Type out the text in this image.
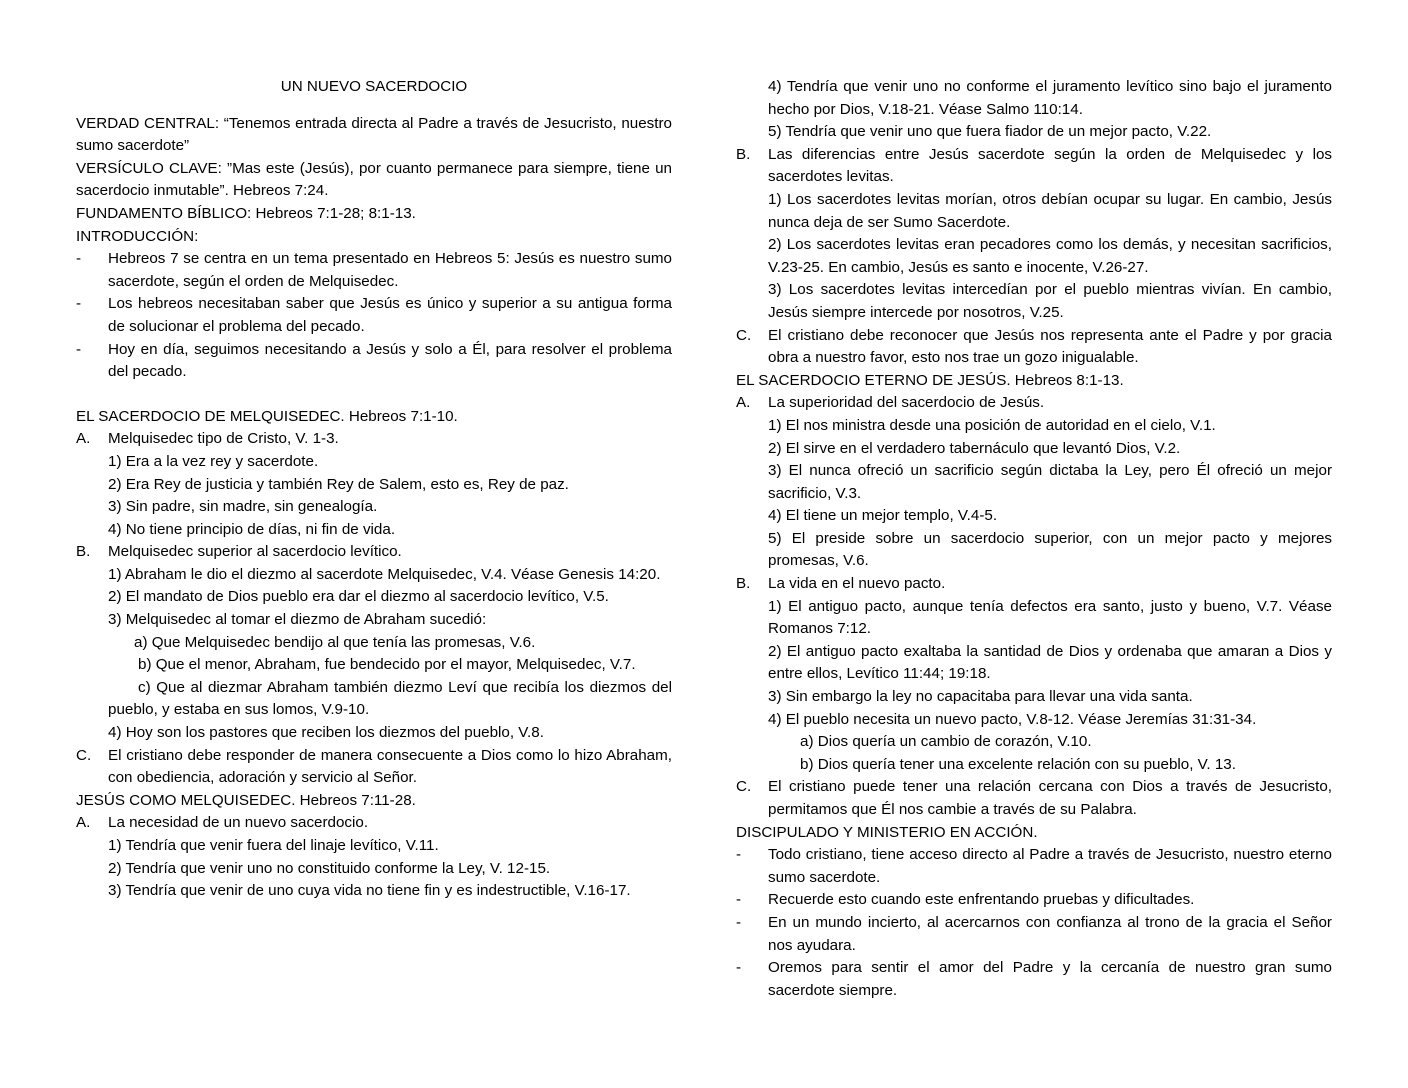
UN NUEVO SACERDOCIO

VERDAD CENTRAL: “Tenemos entrada directa al Padre a través de Jesucristo, nuestro sumo sacerdote”

VERSÍCULO CLAVE: ”Mas este (Jesús), por cuanto permanece para siempre, tiene un sacerdocio inmutable”. Hebreos 7:24.

FUNDAMENTO BÍBLICO: Hebreos 7:1-28; 8:1-13.

INTRODUCCIÓN:

- Hebreos 7 se centra en un tema presentado en Hebreos 5: Jesús es nuestro sumo sacerdote, según el orden de Melquisedec.
- Los hebreos necesitaban saber que Jesús es único y superior a su antigua forma de solucionar el problema del pecado.
- Hoy en día, seguimos necesitando a Jesús y solo a Él, para resolver el problema del pecado.

EL SACERDOCIO DE MELQUISEDEC. Hebreos 7:1-10.

A. Melquisedec tipo de Cristo, V. 1-3.

1) Era a la vez rey y sacerdote.

2) Era Rey de justicia y también Rey de Salem, esto es, Rey de paz.

3) Sin padre, sin madre, sin genealogía.

4) No tiene principio de días, ni fin de vida.

B. Melquisedec superior al sacerdocio levítico.

1) Abraham le dio el diezmo al sacerdote Melquisedec, V.4. Véase Genesis 14:20.

2) El mandato de Dios pueblo era dar el diezmo al sacerdocio levítico, V.5.

3) Melquisedec al tomar el diezmo de Abraham sucedió:

a) Que Melquisedec bendijo al que tenía las promesas, V.6.

b) Que el menor, Abraham, fue bendecido por el mayor, Melquisedec, V.7.

c) Que al diezmar Abraham también diezmo Leví que recibía los diezmos del pueblo, y estaba en sus lomos, V.9-10.

4) Hoy son los pastores que reciben los diezmos del pueblo, V.8.

C. El cristiano debe responder de manera consecuente a Dios como lo hizo Abraham, con obediencia, adoración y servicio al Señor.

JESÚS COMO MELQUISEDEC. Hebreos 7:11-28.

A. La necesidad de un nuevo sacerdocio.

1) Tendría que venir fuera del linaje levítico, V.11.

2) Tendría que venir uno no constituido conforme la Ley, V. 12-15.

3) Tendría que venir de uno cuya vida no tiene fin y es indestructible, V.16-17.

4) Tendría que venir uno no conforme el juramento levítico sino bajo el juramento hecho por Dios, V.18-21. Véase Salmo 110:14.

5) Tendría que venir uno que fuera fiador de un mejor pacto, V.22.

B. Las diferencias entre Jesús sacerdote según la orden de Melquisedec y los sacerdotes levitas.

1) Los sacerdotes levitas morían, otros debían ocupar su lugar. En cambio, Jesús nunca deja de ser Sumo Sacerdote.

2) Los sacerdotes levitas eran pecadores como los demás, y necesitan sacrificios, V.23-25. En cambio, Jesús es santo e inocente, V.26-27.

3) Los sacerdotes levitas intercedían por el pueblo mientras vivían. En cambio, Jesús siempre intercede por nosotros, V.25.

C. El cristiano debe reconocer que Jesús nos representa ante el Padre y por gracia obra a nuestro favor, esto nos trae un gozo inigualable.

EL SACERDOCIO ETERNO DE JESÚS. Hebreos 8:1-13.

A. La superioridad del sacerdocio de Jesús.

1) El nos ministra desde una posición de autoridad en el cielo, V.1.

2) El sirve en el verdadero tabernáculo que levantó Dios, V.2.

3) El nunca ofreció un sacrificio según dictaba la Ley, pero Él ofreció un mejor sacrificio, V.3.

4) El tiene un mejor templo, V.4-5.

5) El preside sobre un sacerdocio superior, con un mejor pacto y mejores promesas, V.6.

B. La vida en el nuevo pacto.

1) El antiguo pacto, aunque tenía defectos era santo, justo y bueno, V.7. Véase Romanos 7:12.

2) El antiguo pacto exaltaba la santidad de Dios y ordenaba que amaran a Dios y entre ellos, Levítico 11:44; 19:18.

3) Sin embargo la ley no capacitaba para llevar una vida santa.

4) El pueblo necesita un nuevo pacto, V.8-12. Véase Jeremías 31:31-34.

a) Dios quería un cambio de corazón, V.10.

b) Dios quería tener una excelente relación con su pueblo, V. 13.

C. El cristiano puede tener una relación cercana con Dios a través de Jesucristo, permitamos que Él nos cambie a través de su Palabra.

DISCIPULADO Y MINISTERIO EN ACCIÓN.

- Todo cristiano, tiene acceso directo al Padre a través de Jesucristo, nuestro eterno sumo sacerdote.
- Recuerde esto cuando este enfrentando pruebas y dificultades.
- En un mundo incierto, al acercarnos con confianza al trono de la gracia el Señor nos ayudara.
- Oremos para sentir el amor del Padre y la cercanía de nuestro gran sumo sacerdote siempre.
